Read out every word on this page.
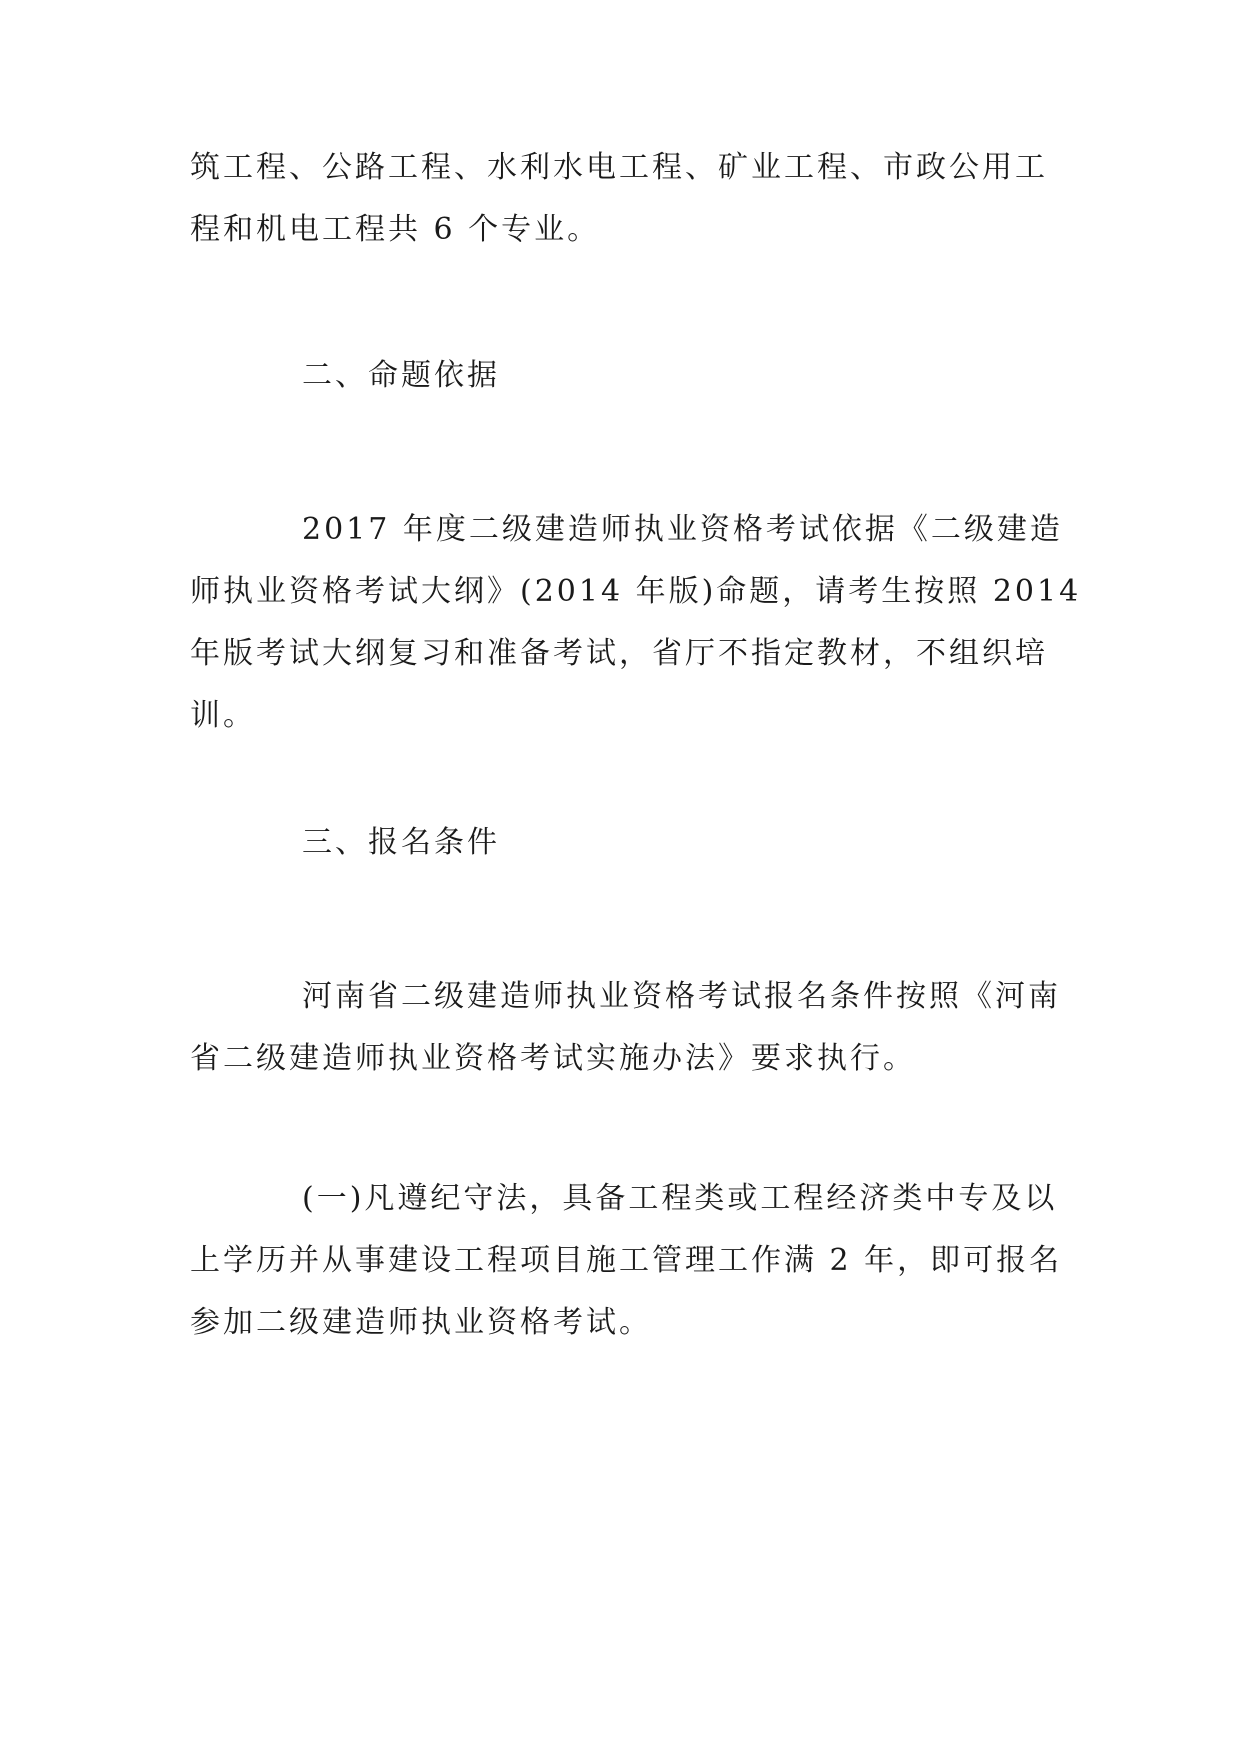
筑工程、公路工程、水利水电工程、矿业工程、市政公用工
程和机电工程共 6 个专业。
二、命题依据
2017 年度二级建造师执业资格考试依据《二级建造
师执业资格考试大纲》(2014 年版)命题，请考生按照 2014
年版考试大纲复习和准备考试，省厅不指定教材，不组织培
训。
三、报名条件
河南省二级建造师执业资格考试报名条件按照《河南
省二级建造师执业资格考试实施办法》要求执行。
(一)凡遵纪守法，具备工程类或工程经济类中专及以
上学历并从事建设工程项目施工管理工作满 2 年，即可报名
参加二级建造师执业资格考试。
